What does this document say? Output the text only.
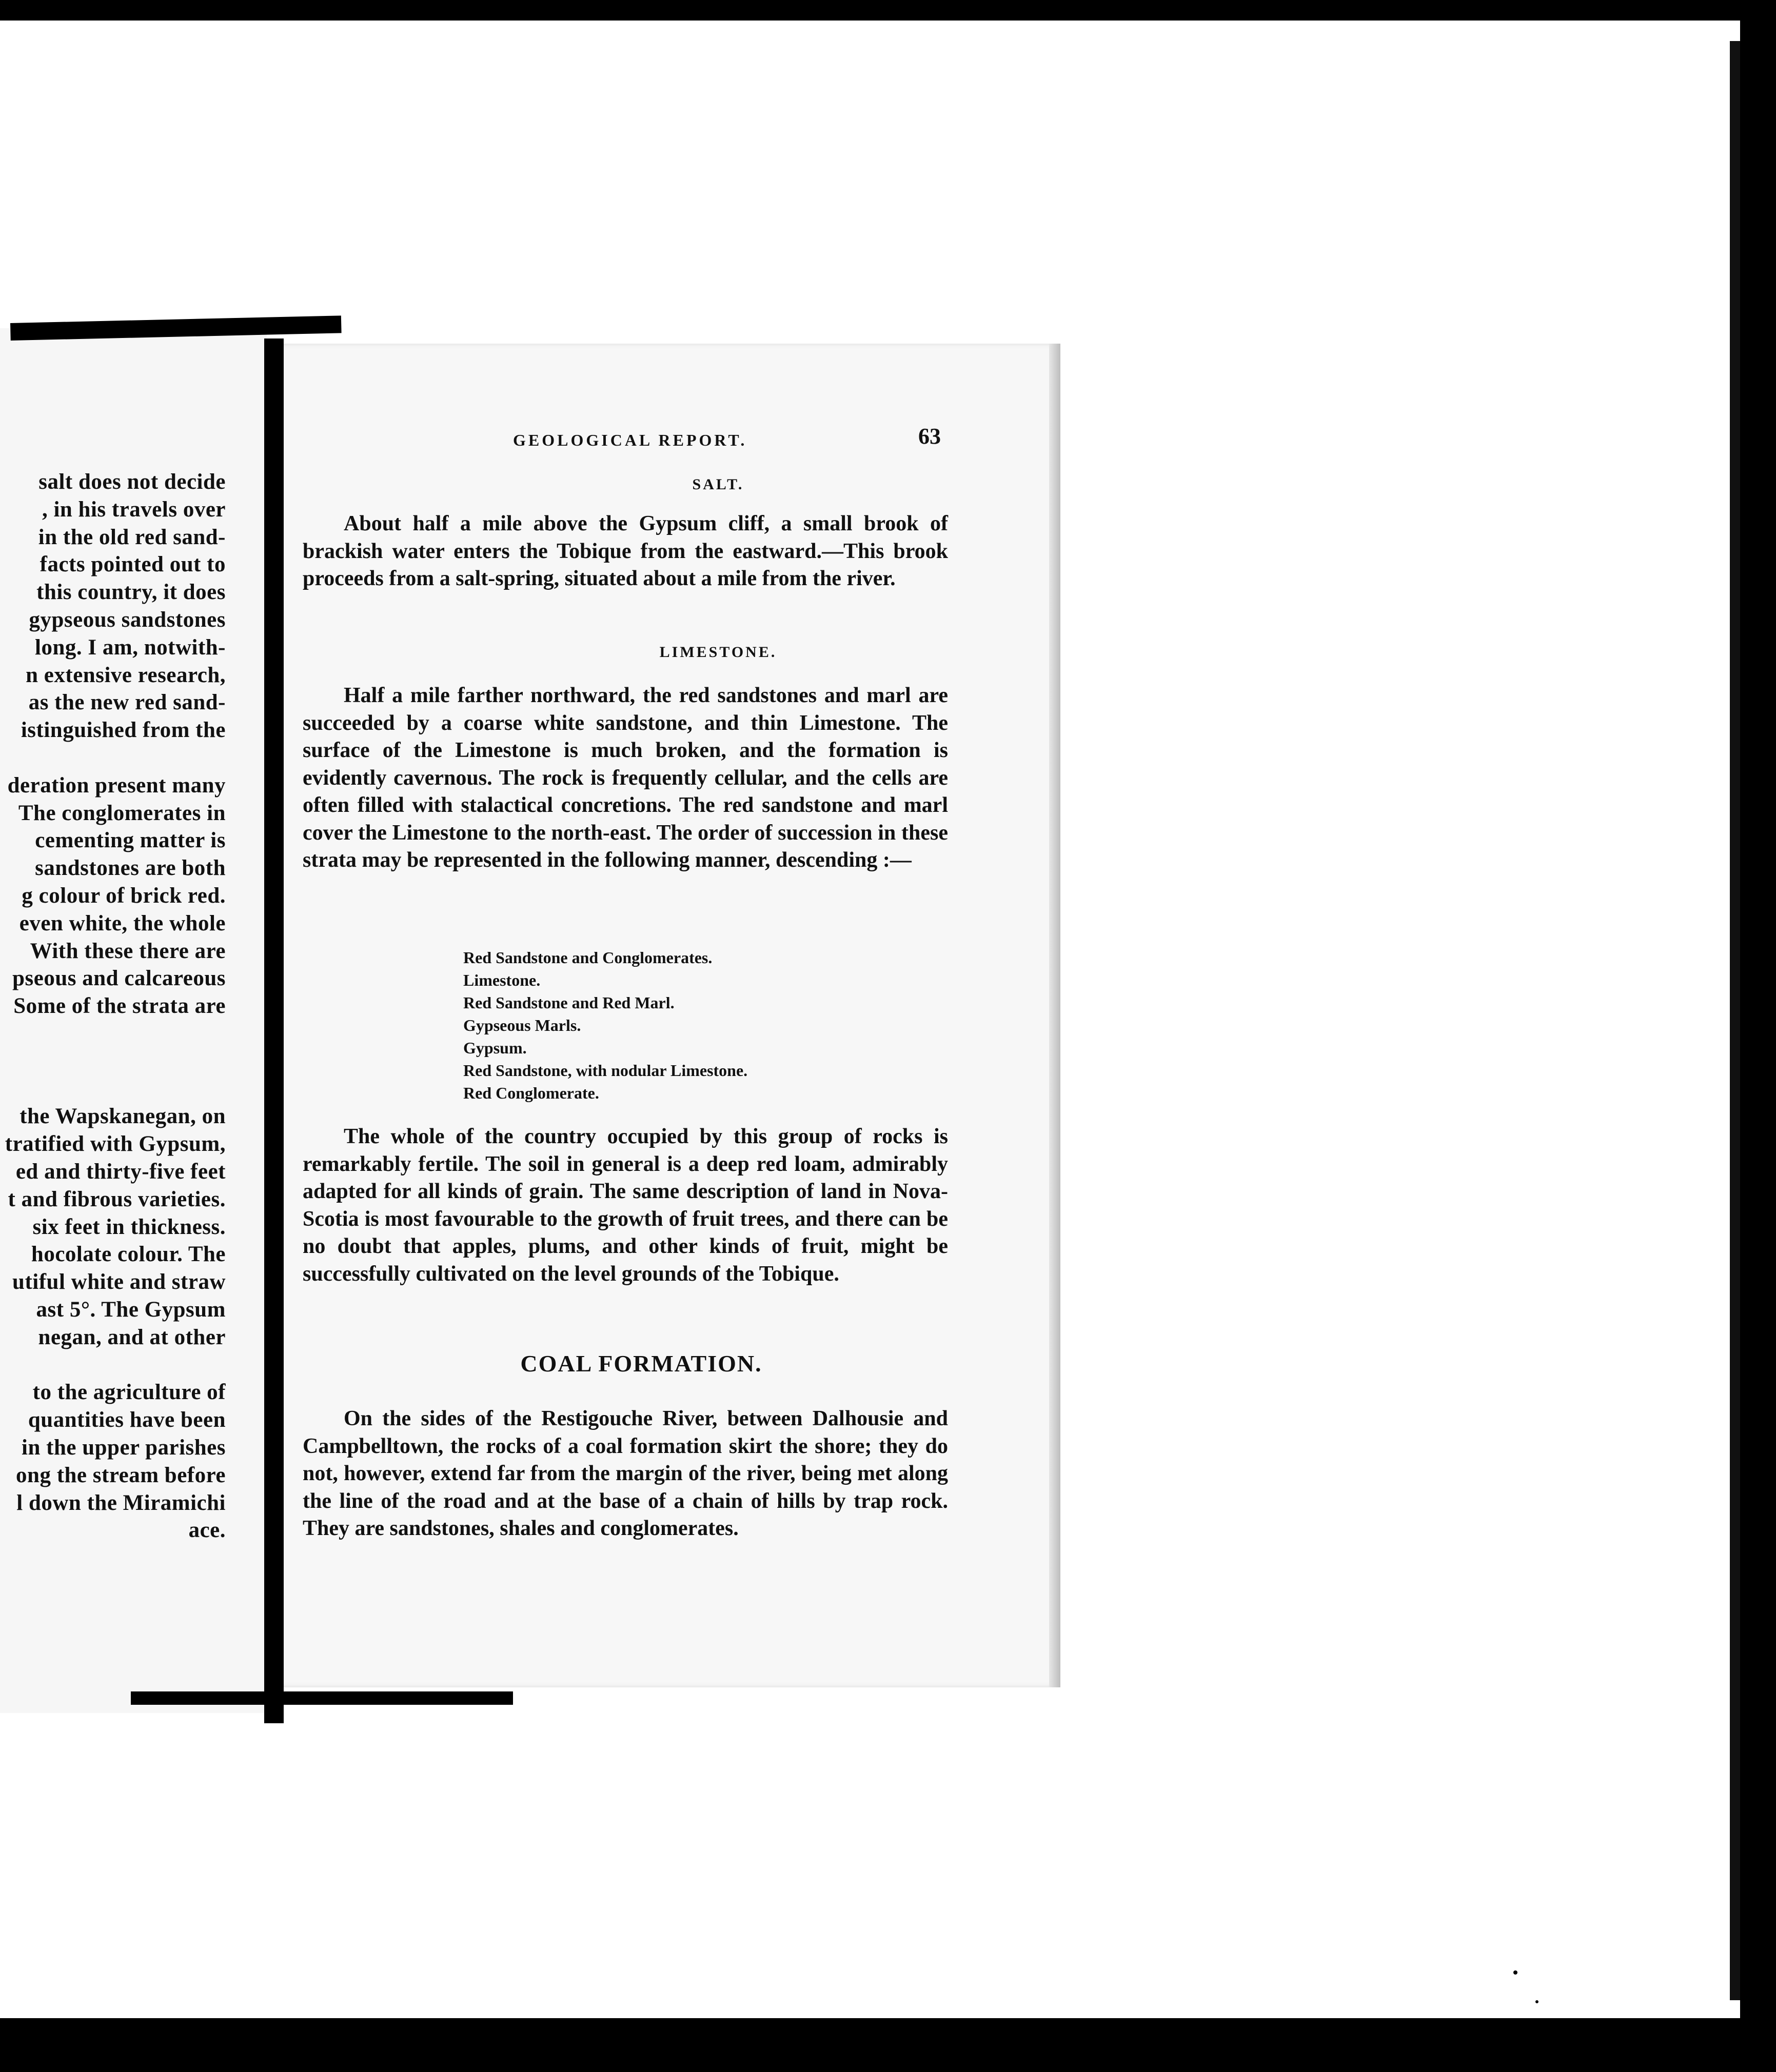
salt does not decide
, in his travels over
in the old red sand-
facts pointed out to
this country, it does
gypseous sandstones
long. I am, notwith-
n extensive research,
as the new red sand-
istinguished from the
deration present many
The conglomerates in
cementing matter is
sandstones are both
g colour of brick red.
even white, the whole
With these there are
pseous and calcareous
Some of the strata are
the Wapskanegan, on
tratified with Gypsum,
ed and thirty-five feet
t and fibrous varieties.
six feet in thickness.
hocolate colour. The
utiful white and straw
ast 5°. The Gypsum
negan, and at other
to the agriculture of
quantities have been
in the upper parishes
ong the stream before
l down the Miramichi
ace.
GEOLOGICAL REPORT.	63
SALT.
About half a mile above the Gypsum cliff, a small brook of brackish water enters the Tobique from the eastward.—This brook proceeds from a salt-spring, situated about a mile from the river.
LIMESTONE.
Half a mile farther northward, the red sandstones and marl are succeeded by a coarse white sandstone, and thin Limestone. The surface of the Limestone is much broken, and the formation is evidently cavernous. The rock is frequently cellular, and the cells are often filled with stalactical concretions. The red sandstone and marl cover the Limestone to the north-east. The order of succession in these strata may be represented in the following manner, descending :—
Red Sandstone and Conglomerates.
Limestone.
Red Sandstone and Red Marl.
Gypseous Marls.
Gypsum.
Red Sandstone, with nodular Limestone.
Red Conglomerate.
The whole of the country occupied by this group of rocks is remarkably fertile. The soil in general is a deep red loam, admirably adapted for all kinds of grain. The same description of land in Nova-Scotia is most favourable to the growth of fruit trees, and there can be no doubt that apples, plums, and other kinds of fruit, might be successfully cultivated on the level grounds of the Tobique.
COAL FORMATION.
On the sides of the Restigouche River, between Dalhousie and Campbelltown, the rocks of a coal formation skirt the shore; they do not, however, extend far from the margin of the river, being met along the line of the road and at the base of a chain of hills by trap rock. They are sandstones, shales and conglomerates.
